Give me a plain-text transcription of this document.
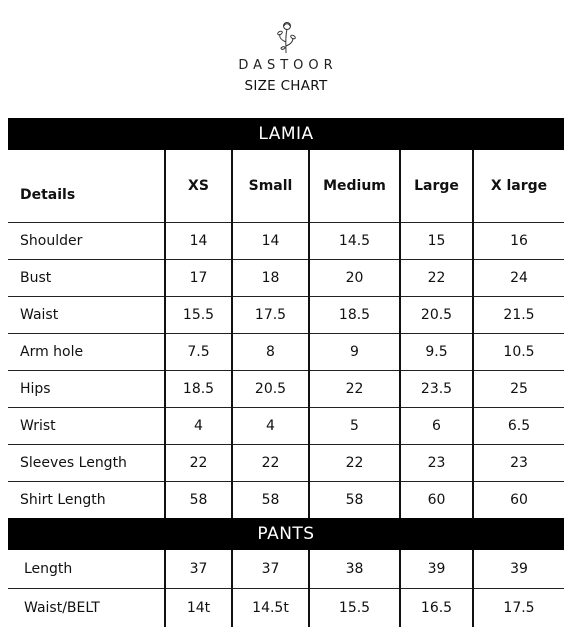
DASTOOR
SIZE CHART
LAMIA
Details	XS	Small	Medium	Large	X large
Shoulder	14	14	14.5	15	16
Bust	17	18	20	22	24
Waist	15.5	17.5	18.5	20.5	21.5
Arm hole	7.5	8	9	9.5	10.5
Hips	18.5	20.5	22	23.5	25
Wrist	4	4	5	6	6.5
Sleeves Length	22	22	22	23	23
Shirt Length	58	58	58	60	60

PANTS					

Length	37	37	38	39	39
Waist/BELT	14t	14.5t	15.5	16.5	17.5
